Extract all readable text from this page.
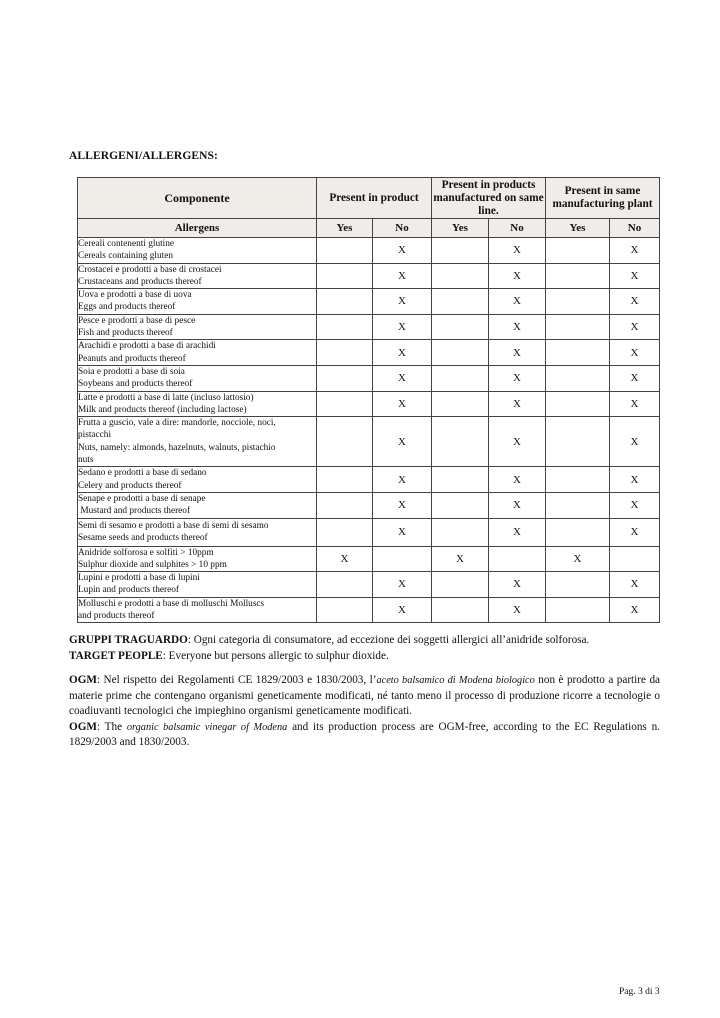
ALLERGENI/ALLERGENS:
Componente	Present in product		Present in products manufactured on same line.		Present in same manufacturing plant	
Allergens	Yes	No	Yes	No	Yes	No

Cereali contenenti glutine
Cereals containing gluten		X		X		X

Crostacei e prodotti a base di crostacei
Crustaceans and products thereof		X		X		X

Uova e prodotti a base di uova
Eggs and products thereof		X		X		X

Pesce e prodotti a base di pesce
Fish and products thereof		X		X		X

Arachidi e prodotti a base di arachidi
Peanuts and products thereof		X		X		X

Soia e prodotti a base di soia
Soybeans and products thereof		X		X		X

Latte e prodotti a base di latte (incluso lattosio)
Milk and products thereof (including lactose)		X		X		X

Frutta a guscio, vale a dire: mandorle, nocciole, noci,
pistacchi
Nuts, namely: almonds, hazelnuts, walnuts, pistachio
nuts		X		X		X

Sedano e prodotti a base di sedano
Celery and products thereof		X		X		X

Senape e prodotti a base di senape
Mustard and products thereof		X		X		X

Semi di sesamo e prodotti a base di semi di sesamo
Sesame seeds and products thereof		X		X		X

Anidride solforosa e solfiti > 10ppm
Sulphur dioxide and sulphites > 10 ppm	X		X		X	

Lupini e prodotti a base di lupini
Lupin and products thereof		X		X		X

Molluschi e prodotti a base di molluschi Molluscs
and products thereof		X		X		X
GRUPPI TRAGUARDO: Ogni categoria di consumatore, ad eccezione dei soggetti allergici all’anidride solforosa.
TARGET PEOPLE: Everyone but persons allergic to sulphur dioxide.
OGM: Nel rispetto dei Regolamenti CE 1829/2003 e 1830/2003, l’aceto balsamico di Modena biologico non è prodotto a partire da materie prime che contengano organismi geneticamente modificati, né tanto meno il processo di produzione ricorre a tecnologie o coadiuvanti tecnologici che impieghino organismi geneticamente modificati.
OGM: The organic balsamic vinegar of Modena and its production process are OGM-free, according to the EC Regulations n. 1829/2003 and 1830/2003.
Pag. 3 di 3
